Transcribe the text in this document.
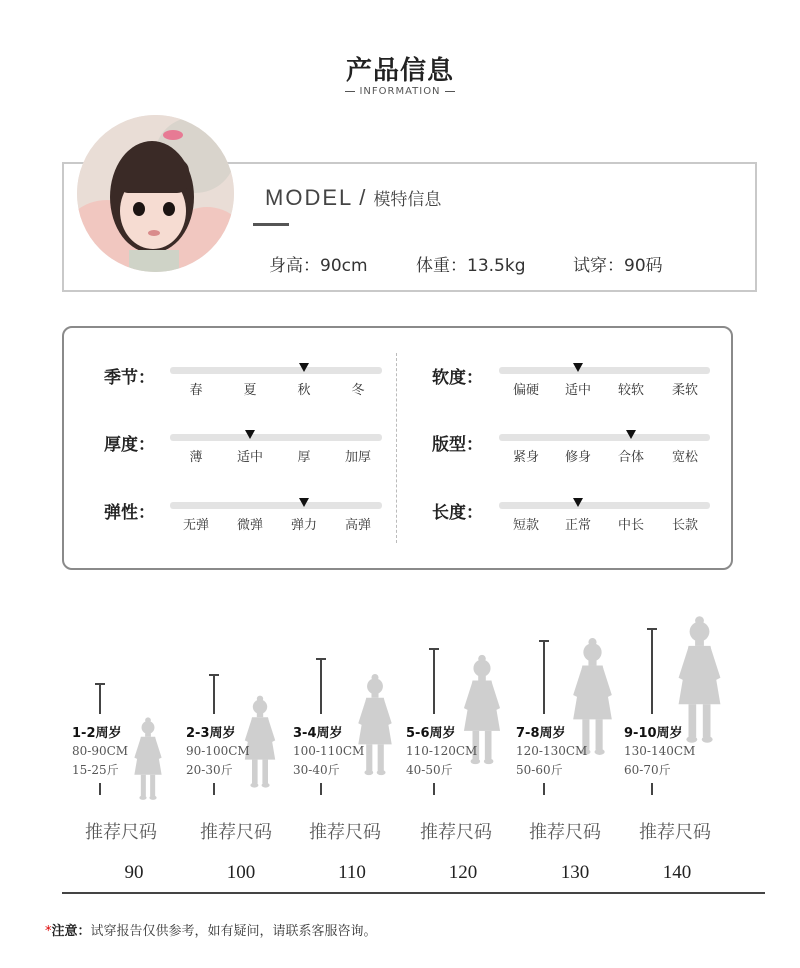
产品信息
INFORMATION
MODEL / 模特信息
身高：90cm	体重：13.5kg	试穿：90码
季节：
春	夏	秋	冬
厚度：
薄	适中	厚	加厚
弹性：
无弹	微弹	弹力	高弹
软度：
偏硬	适中	较软	柔软
版型：
紧身	修身	合体	宽松
长度：
短款	正常	中长	长款
1-2周岁
80-90CM
15-25斤
推荐尺码
90
2-3周岁
90-100CM
20-30斤
推荐尺码
100
3-4周岁
100-110CM
30-40斤
推荐尺码
110
5-6周岁
110-120CM
40-50斤
推荐尺码
120
7-8周岁
120-130CM
50-60斤
推荐尺码
130
9-10周岁
130-140CM
60-70斤
推荐尺码
140
*注意：试穿报告仅供参考，如有疑问，请联系客服咨询。
